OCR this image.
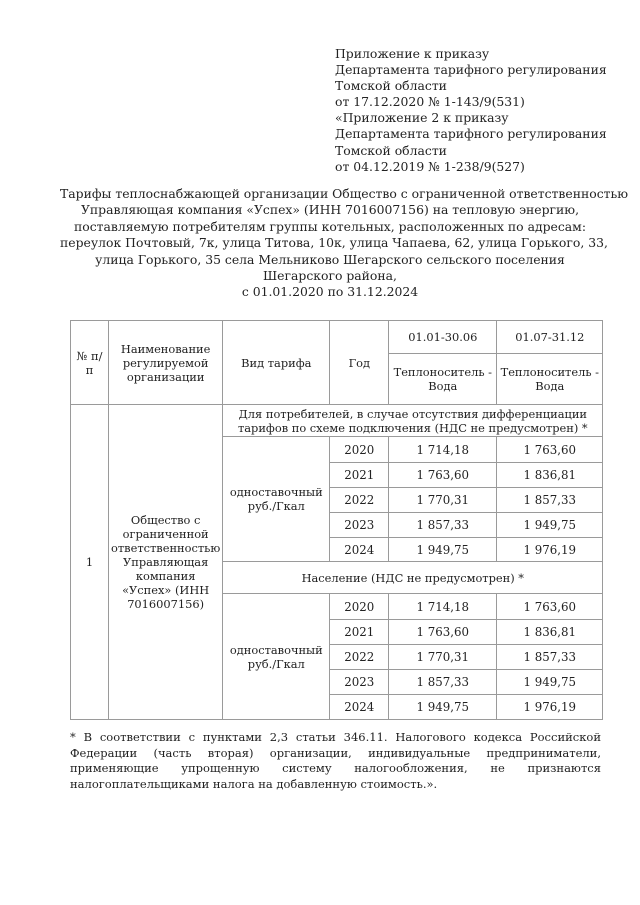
Приложение к приказу
Департамента тарифного регулирования
Томской области
от 17.12.2020 № 1-143/9(531)
«Приложение 2 к приказу
Департамента тарифного регулирования
Томской области
от 04.12.2019 № 1-238/9(527)
Тарифы теплоснабжающей организации Общество с ограниченной ответственностью
Управляющая компания «Успех» (ИНН 7016007156) на тепловую энергию,
поставляемую потребителям группы котельных, расположенных по адресам:
переулок Почтовый, 7к, улица Титова, 10к, улица Чапаева, 62, улица Горького, 33,
улица Горького, 35 села Мельниково Шегарского сельского поселения
Шегарского района,
с 01.01.2020 по 31.12.2024
№ п/п	Наименование регулируемой организации	Вид тарифа	Год	01.01-30.06	01.07-31.12
				Теплоноситель - Вода	Теплоноситель - Вода
1	Общество с ограниченной ответственностью Управляющая компания «Успех» (ИНН 7016007156)	Для потребителей, в случае отсутствия дифференциации тарифов по схеме подключения (НДС не предусмотрен) *			
		одноставочный руб./Гкал	2020	1 714,18	1 763,60
			2021	1 763,60	1 836,81
			2022	1 770,31	1 857,33
			2023	1 857,33	1 949,75
			2024	1 949,75	1 976,19
		Население (НДС не предусмотрен) *			
		одноставочный руб./Гкал	2020	1 714,18	1 763,60
			2021	1 763,60	1 836,81
			2022	1 770,31	1 857,33
			2023	1 857,33	1 949,75
			2024	1 949,75	1 976,19
* В соответствии с пунктами 2,3 статьи 346.11. Налогового кодекса Российской Федерации (часть вторая) организации, индивидуальные предприниматели, применяющие упрощенную систему налогообложения, не признаются налогоплательщиками налога на добавленную стоимость.».
